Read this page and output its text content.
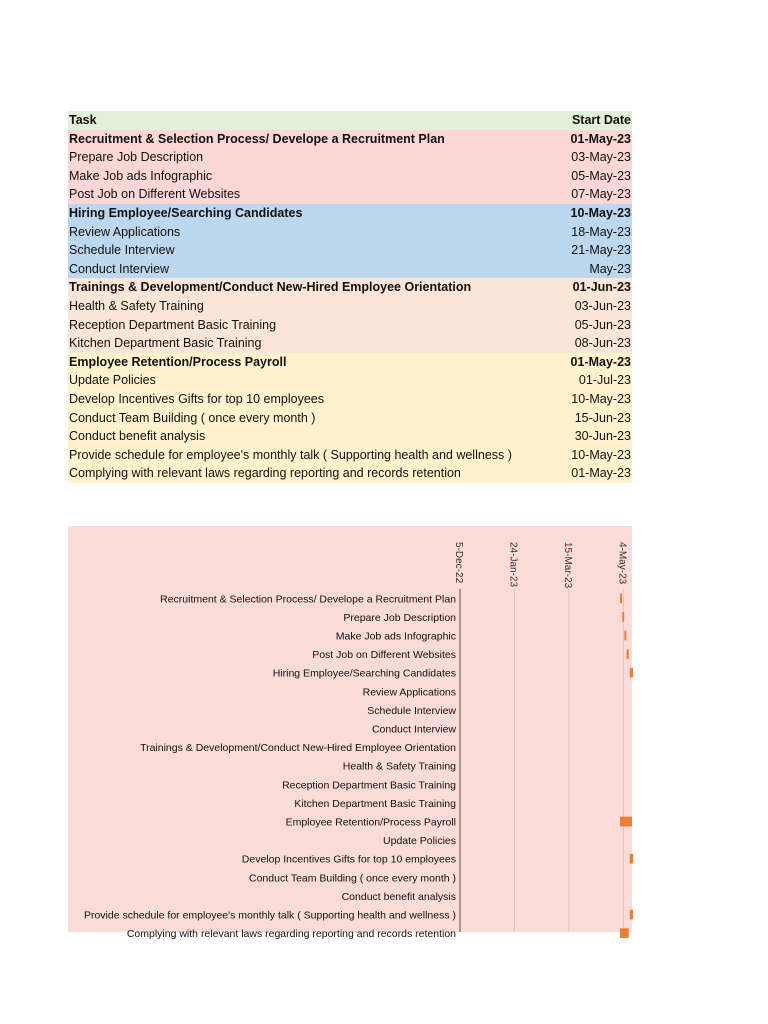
Task	Start Date
Recruitment & Selection Process/ Develope a Recruitment Plan	01-May-23
Prepare Job Description	03-May-23
Make Job ads Infographic	05-May-23
Post Job on Different Websites	07-May-23
Hiring Employee/Searching Candidates	10-May-23
Review Applications	18-May-23
Schedule Interview	21-May-23
Conduct Interview	May-23
Trainings & Development/Conduct New-Hired Employee Orientation	01-Jun-23
Health & Safety Training	03-Jun-23
Reception Department Basic Training	05-Jun-23
Kitchen Department Basic Training	08-Jun-23
Employee Retention/Process Payroll	01-May-23
Update Policies	01-Jul-23
Develop Incentives Gifts for top 10 employees	10-May-23
Conduct Team Building ( once every month )	15-Jun-23
Conduct benefit analysis	30-Jun-23
Provide schedule for employee's monthly talk ( Supporting health and wellness )	10-May-23
Complying with relevant laws regarding reporting and records retention	01-May-23
5-Dec-22	24-Jan-23	15-Mar-23	4-May-23
Recruitment & Selection Process/ Develope a Recruitment Plan
Prepare Job Description
Make Job ads Infographic
Post Job on Different Websites
Hiring Employee/Searching Candidates
Review Applications
Schedule Interview
Conduct Interview
Trainings & Development/Conduct New-Hired Employee Orientation
Health & Safety Training
Reception Department Basic Training
Kitchen Department Basic Training
Employee Retention/Process Payroll
Update Policies
Develop Incentives Gifts for top 10 employees
Conduct Team Building ( once every month )
Conduct benefit analysis
Provide schedule for employee's monthly talk ( Supporting health and wellness )
Complying with relevant laws regarding reporting and records retention
